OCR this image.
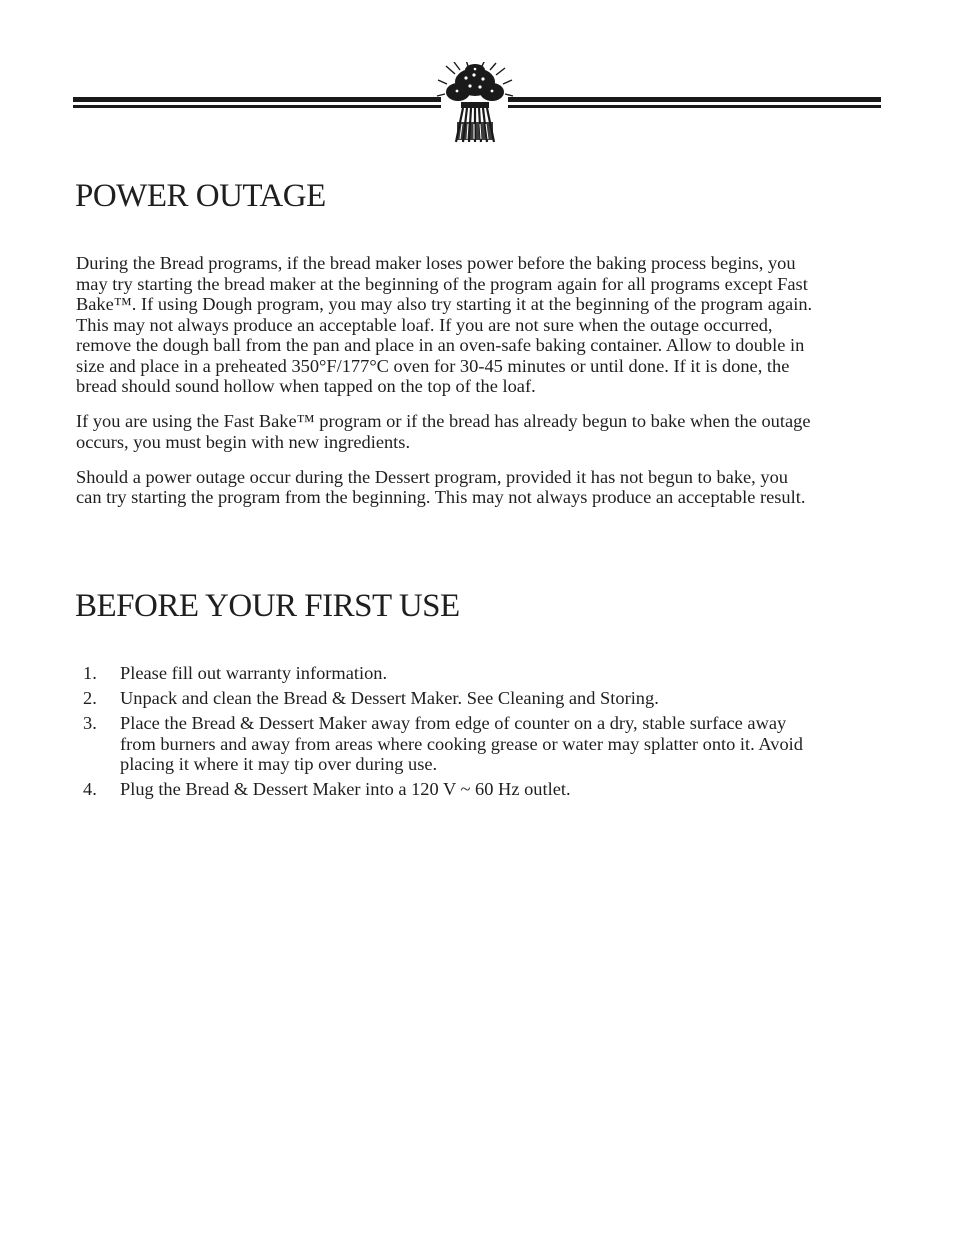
POWER OUTAGE

During the Bread programs, if the bread maker loses power before the baking process begins, you may try starting the bread maker at the beginning of the program again for all programs except Fast Bake™. If using Dough program, you may also try starting it at the beginning of the program again. This may not always produce an acceptable loaf. If you are not sure when the outage occurred, remove the dough ball from the pan and place in an oven-safe baking container. Allow to double in size and place in a preheated 350°F/177°C oven for 30-45 minutes or until done. If it is done, the bread should sound hollow when tapped on the top of the loaf.

If you are using the Fast Bake™ program or if the bread has already begun to bake when the outage occurs, you must begin with new ingredients.

Should a power outage occur during the Dessert program, provided it has not begun to bake, you can try starting the program from the beginning. This may not always produce an acceptable result.

BEFORE YOUR FIRST USE
1. Please fill out warranty information.
2. Unpack and clean the Bread & Dessert Maker. See Cleaning and Storing.
3. Place the Bread & Dessert Maker away from edge of counter on a dry, stable surface away from burners and away from areas where cooking grease or water may splatter onto it. Avoid placing it where it may tip over during use.
4. Plug the Bread & Dessert Maker into a 120 V ~ 60 Hz outlet.
